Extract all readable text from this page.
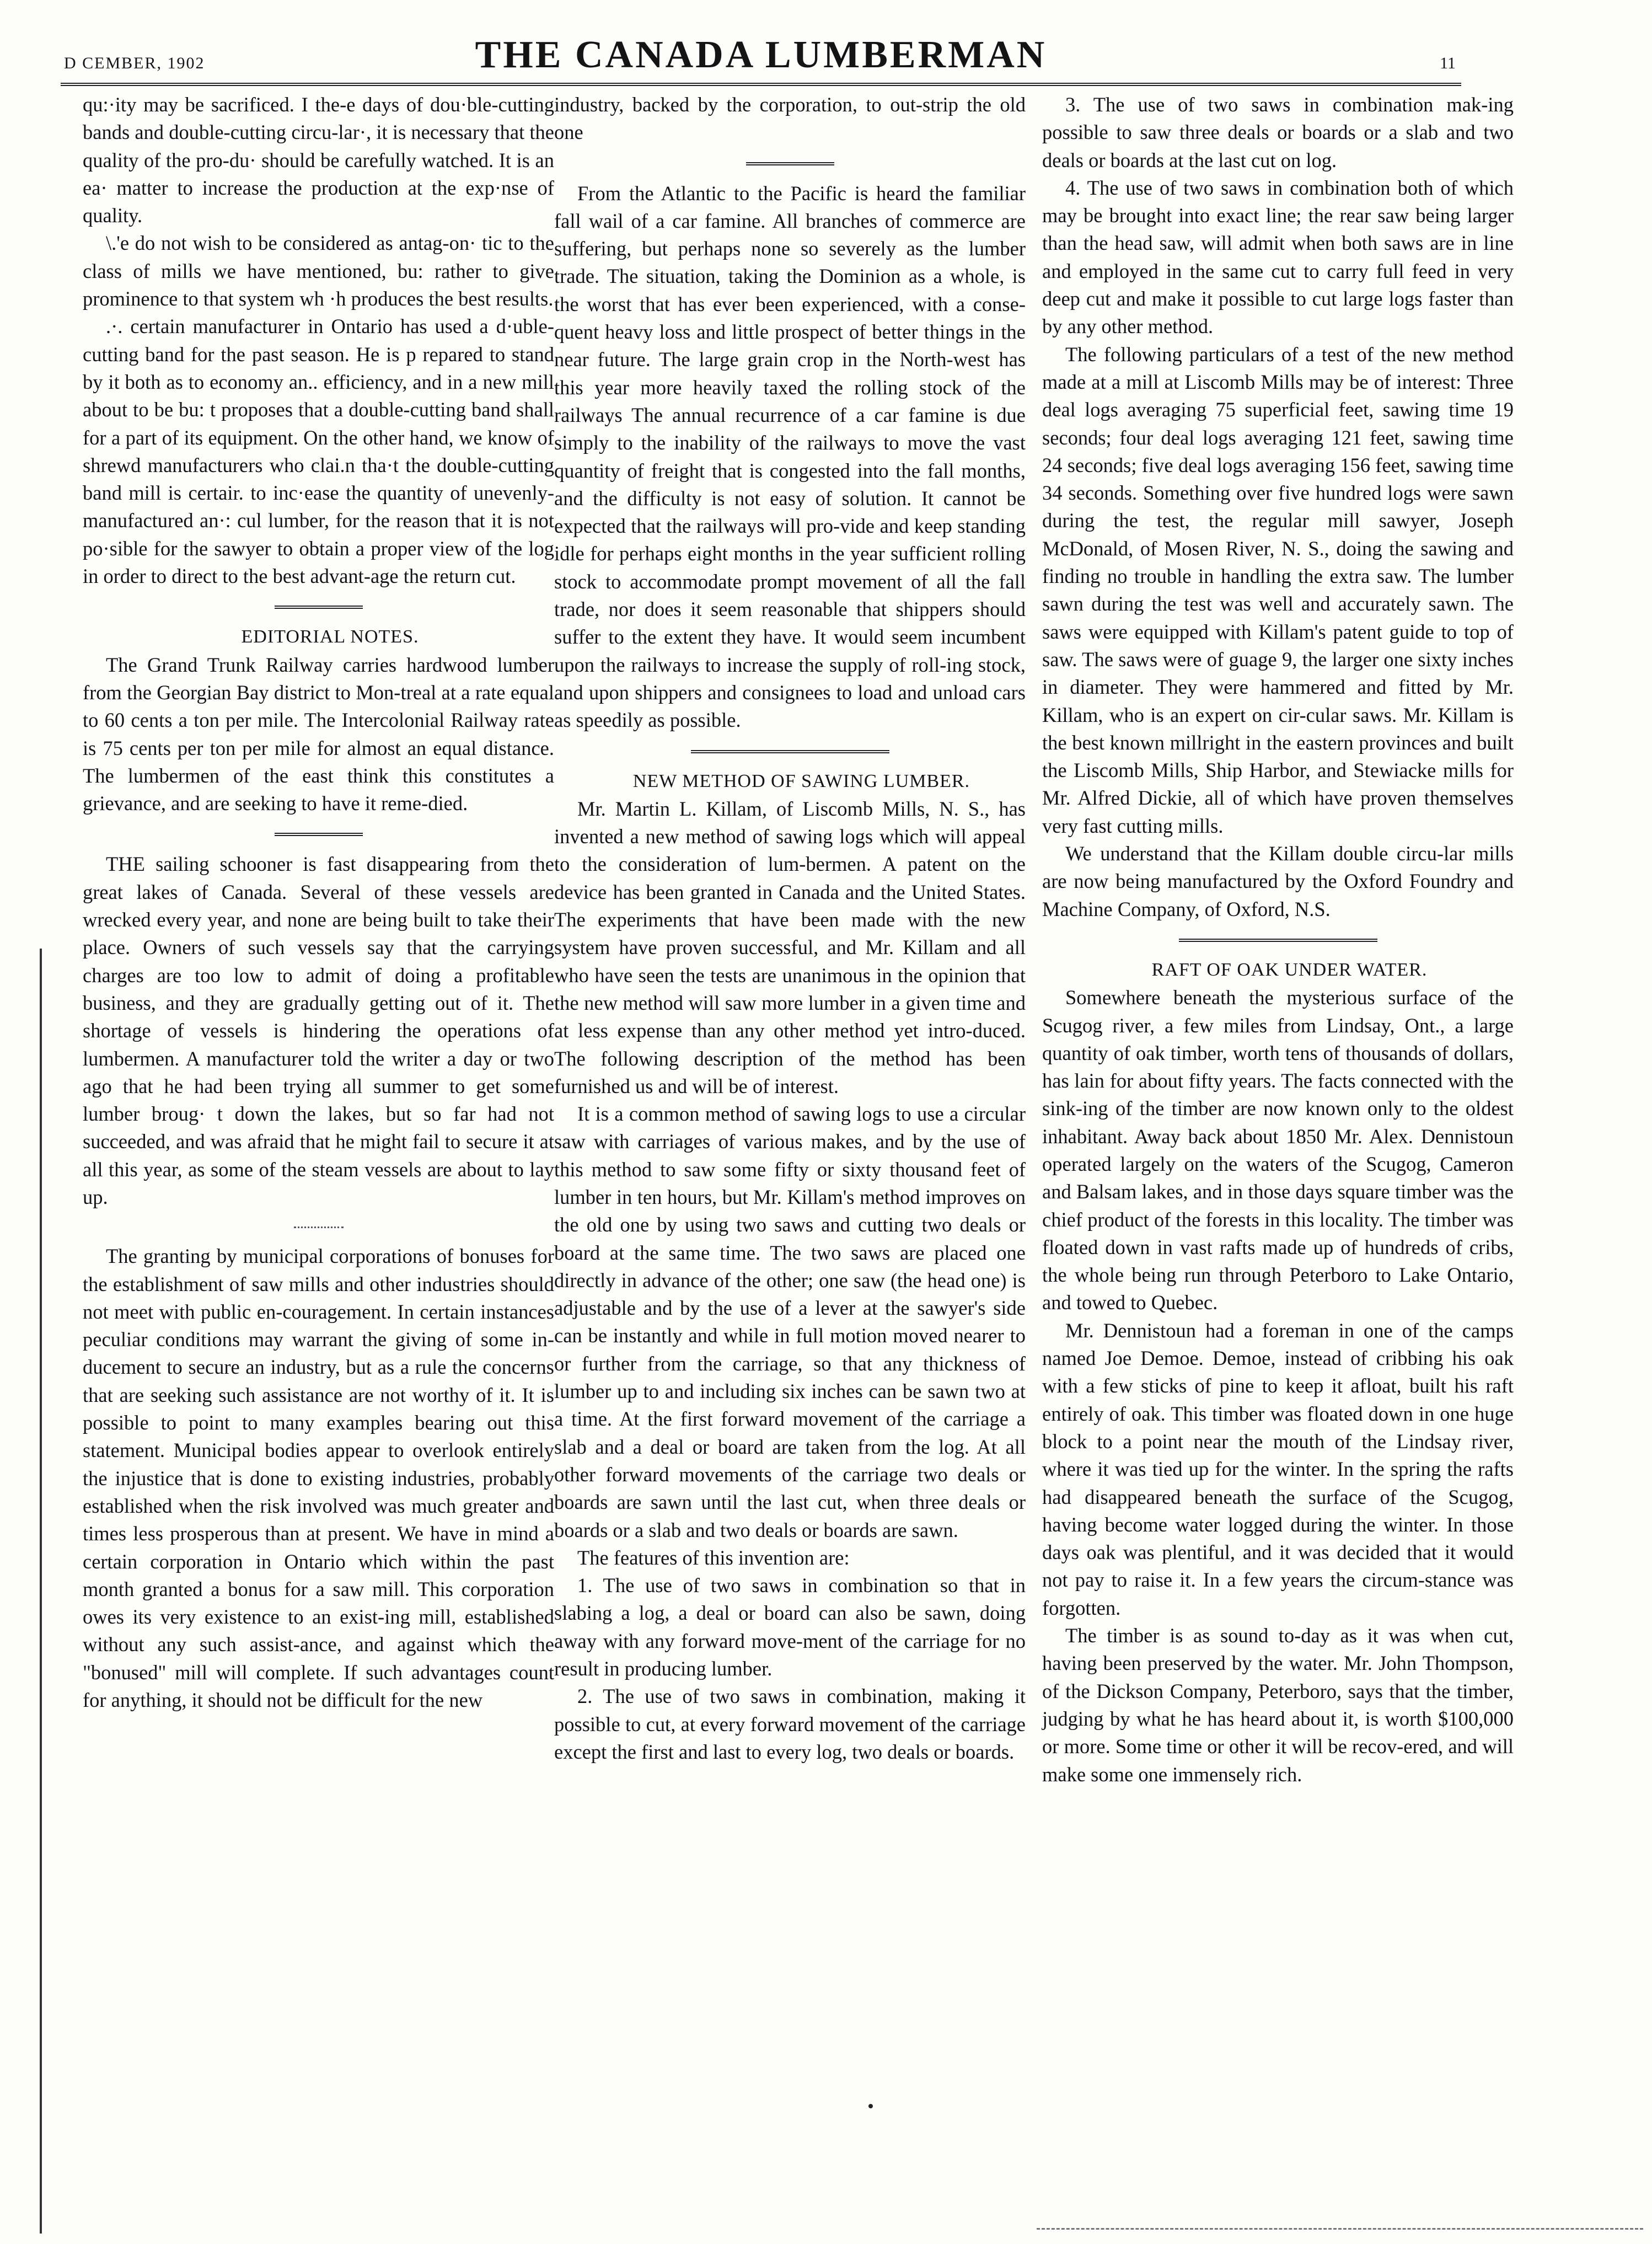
D CEMBER, 1902	THE CANADA LUMBERMAN	11

qu:·ity may be sacrificed. I the-e days of dou·ble-cutting bands and double-cutting circu-lar·, it is necessary that the quality of the pro-du· should be carefully watched. It is an ea· matter to increase the production at the exp·nse of quality.

\.'e do not wish to be considered as antag-on· tic to the class of mills we have mentioned, bu: rather to give prominence to that system wh ·h produces the best results.

.·. certain manufacturer in Ontario has used a d·uble-cutting band for the past season. He is p repared to stand by it both as to economy an.. efficiency, and in a new mill about to be bu: t proposes that a double-cutting band shall for a part of its equipment. On the other hand, we know of shrewd manufacturers who clai.n tha·t the double-cutting band mill is certair. to inc·ease the quantity of unevenly-manufactured an·: cul lumber, for the reason that it is not po·sible for the sawyer to obtain a proper view of the log in order to direct to the best advant-age the return cut.

EDITORIAL NOTES.

The Grand Trunk Railway carries hardwood lumber from the Georgian Bay district to Mon-treal at a rate equal to 60 cents a ton per mile. The Intercolonial Railway rate is 75 cents per ton per mile for almost an equal distance. The lumbermen of the east think this constitutes a grievance, and are seeking to have it reme-died.

THE sailing schooner is fast disappearing from the great lakes of Canada. Several of these vessels are wrecked every year, and none are being built to take their place. Owners of such vessels say that the carrying charges are too low to admit of doing a profitable business, and they are gradually getting out of it. The shortage of vessels is hindering the operations of lumbermen. A manufacturer told the writer a day or two ago that he had been trying all summer to get some lumber broug· t down the lakes, but so far had not succeeded, and was afraid that he might fail to secure it at all this year, as some of the steam vessels are about to lay up.

The granting by municipal corporations of bonuses for the establishment of saw mills and other industries should not meet with public en-couragement. In certain instances peculiar conditions may warrant the giving of some in-ducement to secure an industry, but as a rule the concerns that are seeking such assistance are not worthy of it. It is possible to point to many examples bearing out this statement. Municipal bodies appear to overlook entirely the injustice that is done to existing industries, probably established when the risk involved was much greater and times less prosperous than at present. We have in mind a certain corporation in Ontario which within the past month granted a bonus for a saw mill. This corporation owes its very existence to an exist-ing mill, established without any such assist-ance, and against which the "bonused" mill will complete. If such advantages count for anything, it should not be difficult for the new

industry, backed by the corporation, to out-strip the old one

From the Atlantic to the Pacific is heard the familiar fall wail of a car famine. All branches of commerce are suffering, but perhaps none so severely as the lumber trade. The situation, taking the Dominion as a whole, is the worst that has ever been experienced, with a conse-quent heavy loss and little prospect of better things in the near future. The large grain crop in the North-west has this year more heavily taxed the rolling stock of the railways The annual recurrence of a car famine is due simply to the inability of the railways to move the vast quantity of freight that is congested into the fall months, and the difficulty is not easy of solution. It cannot be expected that the railways will pro-vide and keep standing idle for perhaps eight months in the year sufficient rolling stock to accommodate prompt movement of all the fall trade, nor does it seem reasonable that shippers should suffer to the extent they have. It would seem incumbent upon the railways to increase the supply of roll-ing stock, and upon shippers and consignees to load and unload cars as speedily as possible.

NEW METHOD OF SAWING LUMBER.

Mr. Martin L. Killam, of Liscomb Mills, N. S., has invented a new method of sawing logs which will appeal to the consideration of lum-bermen. A patent on the device has been granted in Canada and the United States. The experiments that have been made with the new system have proven successful, and Mr. Killam and all who have seen the tests are unanimous in the opinion that the new method will saw more lumber in a given time and at less expense than any other method yet intro-duced. The following description of the method has been furnished us and will be of interest.

It is a common method of sawing logs to use a circular saw with carriages of various makes, and by the use of this method to saw some fifty or sixty thousand feet of lumber in ten hours, but Mr. Killam's method improves on the old one by using two saws and cutting two deals or board at the same time. The two saws are placed one directly in advance of the other; one saw (the head one) is adjustable and by the use of a lever at the sawyer's side can be instantly and while in full motion moved nearer to or further from the carriage, so that any thickness of lumber up to and including six inches can be sawn two at a time. At the first forward movement of the carriage a slab and a deal or board are taken from the log. At all other forward movements of the carriage two deals or boards are sawn until the last cut, when three deals or boards or a slab and two deals or boards are sawn.

The features of this invention are:

1. The use of two saws in combination so that in slabing a log, a deal or board can also be sawn, doing away with any forward move-ment of the carriage for no result in producing lumber.

2. The use of two saws in combination, making it possible to cut, at every forward movement of the carriage except the first and last to every log, two deals or boards.

3. The use of two saws in combination mak-ing possible to saw three deals or boards or a slab and two deals or boards at the last cut on log.

4. The use of two saws in combination both of which may be brought into exact line; the rear saw being larger than the head saw, will admit when both saws are in line and employed in the same cut to carry full feed in very deep cut and make it possible to cut large logs faster than by any other method.

The following particulars of a test of the new method made at a mill at Liscomb Mills may be of interest: Three deal logs averaging 75 superficial feet, sawing time 19 seconds; four deal logs averaging 121 feet, sawing time 24 seconds; five deal logs averaging 156 feet, sawing time 34 seconds. Something over five hundred logs were sawn during the test, the regular mill sawyer, Joseph McDonald, of Mosen River, N. S., doing the sawing and finding no trouble in handling the extra saw. The lumber sawn during the test was well and accurately sawn. The saws were equipped with Killam's patent guide to top of saw. The saws were of guage 9, the larger one sixty inches in diameter. They were hammered and fitted by Mr. Killam, who is an expert on cir-cular saws. Mr. Killam is the best known millright in the eastern provinces and built the Liscomb Mills, Ship Harbor, and Stewiacke mills for Mr. Alfred Dickie, all of which have proven themselves very fast cutting mills.

We understand that the Killam double circu-lar mills are now being manufactured by the Oxford Foundry and Machine Company, of Oxford, N.S.

RAFT OF OAK UNDER WATER.

Somewhere beneath the mysterious surface of the Scugog river, a few miles from Lindsay, Ont., a large quantity of oak timber, worth tens of thousands of dollars, has lain for about fifty years. The facts connected with the sink-ing of the timber are now known only to the oldest inhabitant. Away back about 1850 Mr. Alex. Dennistoun operated largely on the waters of the Scugog, Cameron and Balsam lakes, and in those days square timber was the chief product of the forests in this locality. The timber was floated down in vast rafts made up of hundreds of cribs, the whole being run through Peterboro to Lake Ontario, and towed to Quebec.

Mr. Dennistoun had a foreman in one of the camps named Joe Demoe. Demoe, instead of cribbing his oak with a few sticks of pine to keep it afloat, built his raft entirely of oak. This timber was floated down in one huge block to a point near the mouth of the Lindsay river, where it was tied up for the winter. In the spring the rafts had disappeared beneath the surface of the Scugog, having become water logged during the winter. In those days oak was plentiful, and it was decided that it would not pay to raise it. In a few years the circum-stance was forgotten.

The timber is as sound to-day as it was when cut, having been preserved by the water. Mr. John Thompson, of the Dickson Company, Peterboro, says that the timber, judging by what he has heard about it, is worth $100,000 or more. Some time or other it will be recov-ered, and will make some one immensely rich.
